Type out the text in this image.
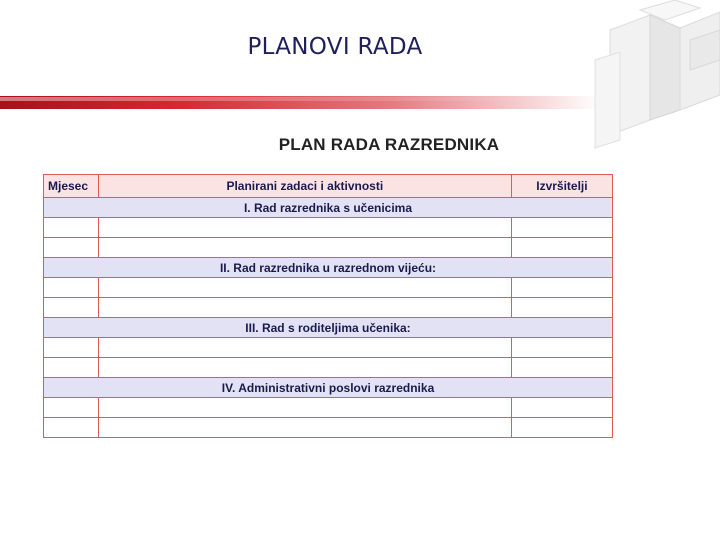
PLANOVI RADA
PLAN RADA RAZREDNIKA
Mjesec	Planirani zadaci i aktivnosti	Izvršitelji
I. Rad razrednika s učenicima		

II. Rad razrednika u razrednom vijeću:		

III. Rad s roditeljima učenika:		

IV. Administrativni poslovi razrednika		
